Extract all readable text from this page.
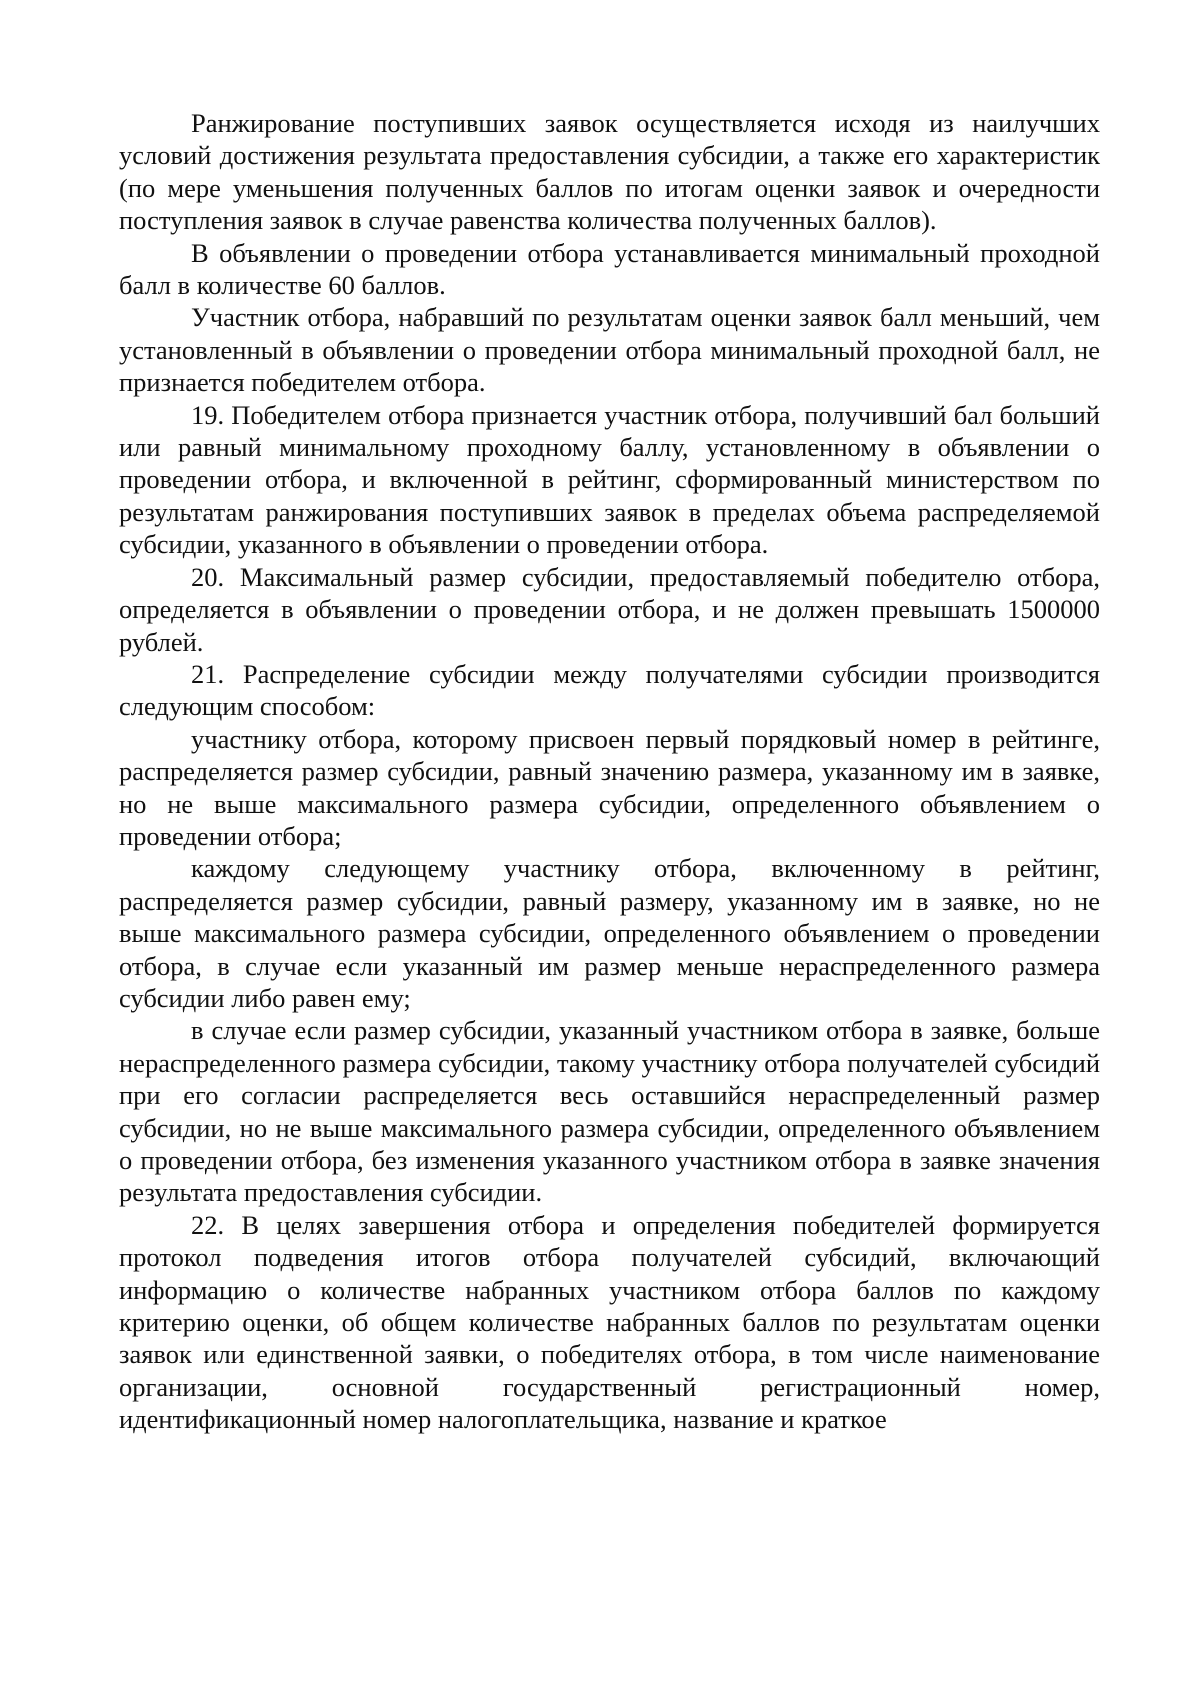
Ранжирование поступивших заявок осуществляется исходя из наилучших условий достижения результата предоставления субсидии, а также его характеристик (по мере уменьшения полученных баллов по итогам оценки заявок и очередности поступления заявок в случае равенства количества полученных баллов).

В объявлении о проведении отбора устанавливается минимальный проходной балл в количестве 60 баллов.

Участник отбора, набравший по результатам оценки заявок балл меньший, чем установленный в объявлении о проведении отбора минимальный проходной балл, не признается победителем отбора.

19. Победителем отбора признается участник отбора, получивший бал больший или равный минимальному проходному баллу, установленному в объявлении о проведении отбора, и включенной в рейтинг, сформированный министерством по результатам ранжирования поступивших заявок в пределах объема распределяемой субсидии, указанного в объявлении о проведении отбора.

20. Максимальный размер субсидии, предоставляемый победителю отбора, определяется в объявлении о проведении отбора, и не должен превышать 1500000 рублей.

21. Распределение субсидии между получателями субсидии производится следующим способом:

участнику отбора, которому присвоен первый порядковый номер в рейтинге, распределяется размер субсидии, равный значению размера, указанному им в заявке, но не выше максимального размера субсидии, определенного объявлением о проведении отбора;

каждому следующему участнику отбора, включенному в рейтинг, распределяется размер субсидии, равный размеру, указанному им в заявке, но не выше максимального размера субсидии, определенного объявлением о проведении отбора, в случае если указанный им размер меньше нераспределенного размера субсидии либо равен ему;

в случае если размер субсидии, указанный участником отбора в заявке, больше нераспределенного размера субсидии, такому участнику отбора получателей субсидий при его согласии распределяется весь оставшийся нераспределенный размер субсидии, но не выше максимального размера субсидии, определенного объявлением о проведении отбора, без изменения указанного участником отбора в заявке значения результата предоставления субсидии.

22. В целях завершения отбора и определения победителей формируется протокол подведения итогов отбора получателей субсидий, включающий информацию о количестве набранных участником отбора баллов по каждому критерию оценки, об общем количестве набранных баллов по результатам оценки заявок или единственной заявки, о победителях отбора, в том числе наименование организации, основной государственный регистрационный номер, идентификационный номер налогоплательщика, название и краткое
